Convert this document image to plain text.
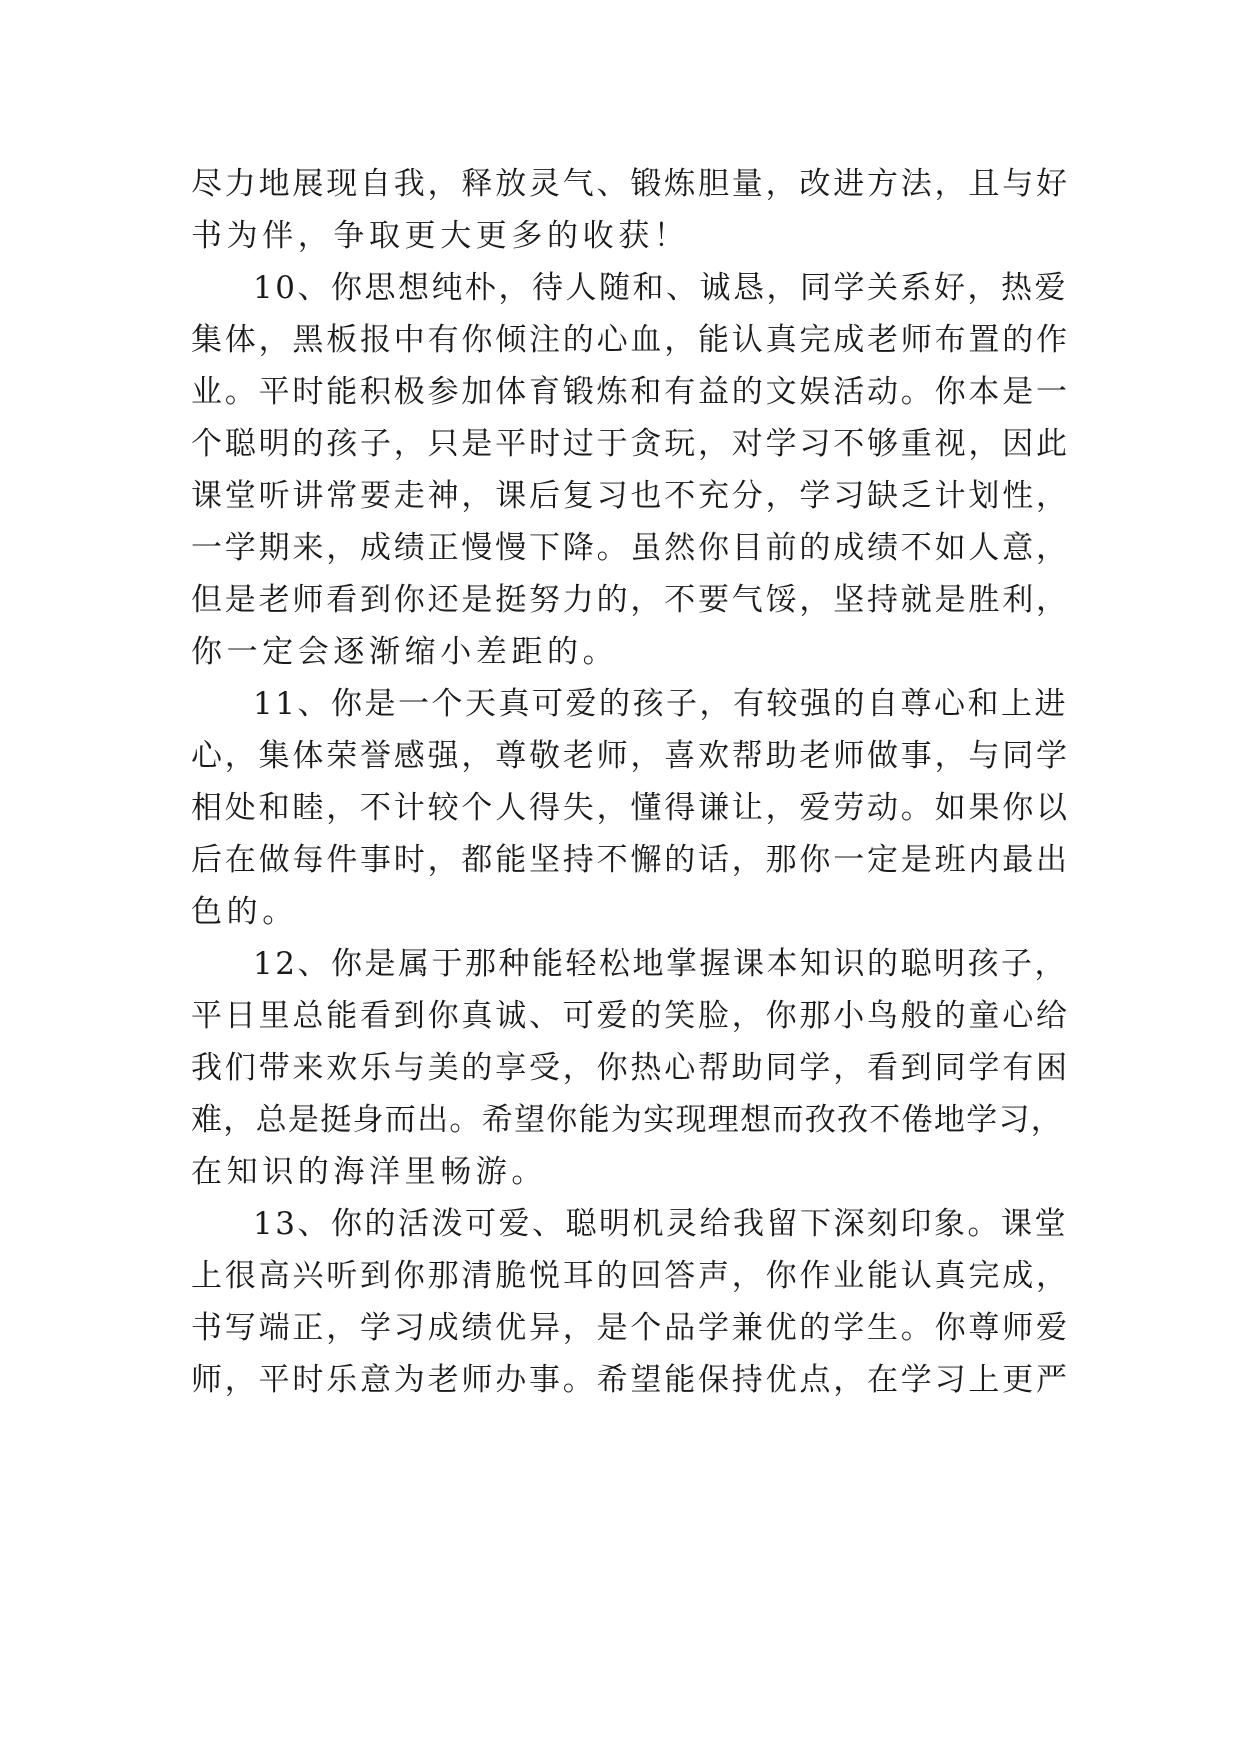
尽力地展现自我，释放灵气、锻炼胆量，改进方法，且与好
书为伴，争取更大更多的收获！
10、你思想纯朴，待人随和、诚恳，同学关系好，热爱
集体，黑板报中有你倾注的心血，能认真完成老师布置的作
业。平时能积极参加体育锻炼和有益的文娱活动。你本是一
个聪明的孩子，只是平时过于贪玩，对学习不够重视，因此
课堂听讲常要走神，课后复习也不充分，学习缺乏计划性，
一学期来，成绩正慢慢下降。虽然你目前的成绩不如人意，
但是老师看到你还是挺努力的，不要气馁，坚持就是胜利，
你一定会逐渐缩小差距的。
11、你是一个天真可爱的孩子，有较强的自尊心和上进
心，集体荣誉感强，尊敬老师，喜欢帮助老师做事，与同学
相处和睦，不计较个人得失，懂得谦让，爱劳动。如果你以
后在做每件事时，都能坚持不懈的话，那你一定是班内最出
色的。
12、你是属于那种能轻松地掌握课本知识的聪明孩子，
平日里总能看到你真诚、可爱的笑脸，你那小鸟般的童心给
我们带来欢乐与美的享受，你热心帮助同学，看到同学有困
难，总是挺身而出。希望你能为实现理想而孜孜不倦地学习，
在知识的海洋里畅游。
13、你的活泼可爱、聪明机灵给我留下深刻印象。课堂
上很高兴听到你那清脆悦耳的回答声，你作业能认真完成，
书写端正，学习成绩优异，是个品学兼优的学生。你尊师爱
师，平时乐意为老师办事。希望能保持优点，在学习上更严
